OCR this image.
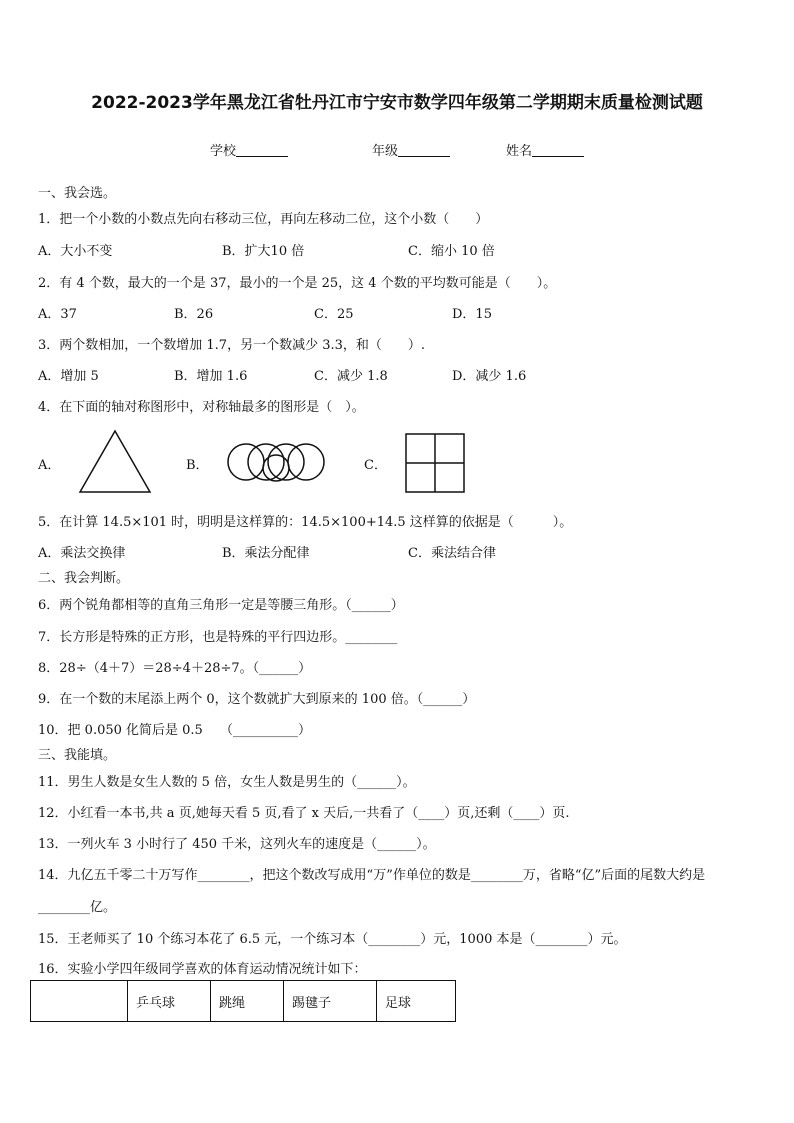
2022-2023学年黑龙江省牡丹江市宁安市数学四年级第二学期期末质量检测试题
学校	年级	姓名
一、我会选。
1．把一个小数的小数点先向右移动三位，再向左移动二位，这个小数（　　）
A．大小不变	B．扩大10 倍	C．缩小 10 倍
2．有 4 个数，最大的一个是 37，最小的一个是 25，这 4 个数的平均数可能是（　　）。
A．37	B．26	C．25	D．15
3．两个数相加，一个数增加 1.7，另一个数减少 3.3，和（　　）.
A．增加 5	B．增加 1.6	C．减少 1.8	D．减少 1.6
4．在下面的轴对称图形中，对称轴最多的图形是（　）。
A．	B．	C．
5．在计算 14.5×101 时，明明是这样算的：14.5×100+14.5 这样算的依据是（　　　）。
A．乘法交换律	B．乘法分配律	C．乘法结合律
二、我会判断。
6．两个锐角都相等的直角三角形一定是等腰三角形。（______）
7．长方形是特殊的正方形，也是特殊的平行四边形。________
8．28÷（4＋7）＝28÷4＋28÷7。（______）
9．在一个数的末尾添上两个 0，这个数就扩大到原来的 100 倍。（______）
10．把 0.050 化简后是 0.5　 （__________）
三、我能填。
11．男生人数是女生人数的 5 倍，女生人数是男生的（______）。
12．小红看一本书,共 a 页,她每天看 5 页,看了 x 天后,一共看了（____）页,还剩（____）页.
13．一列火车 3 小时行了 450 千米，这列火车的速度是（______）。
14．九亿五千零二十万写作________，把这个数改写成用“万”作单位的数是________万，省略“亿”后面的尾数大约是
________亿。
15．王老师买了 10 个练习本花了 6.5 元，一个练习本（________）元，1000 本是（________）元。
16．实验小学四年级同学喜欢的体育运动情况统计如下：
	乒乓球	跳绳	踢毽子	足球
